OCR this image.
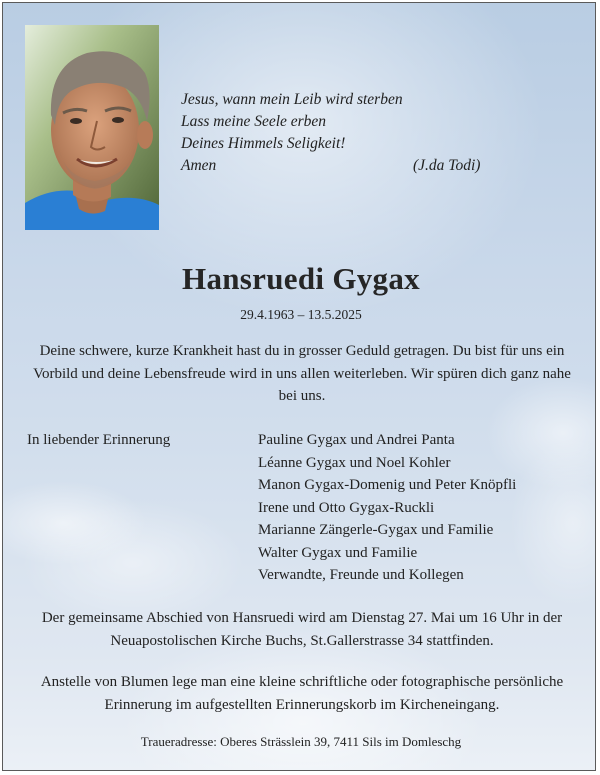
Jesus, wann mein Leib wird sterben
Lass meine Seele erben
Deines Himmels Seligkeit!
Amen	(J.da Todi)
Hansruedi Gygax
29.4.1963 – 13.5.2025
Deine schwere, kurze Krankheit hast du in grosser Geduld getragen. Du bist für uns ein Vorbild und deine Lebensfreude wird in uns allen weiterleben. Wir spüren dich ganz nahe bei uns.
In liebender Erinnerung	Pauline Gygax und Andrei Panta
Léanne Gygax und Noel Kohler
Manon Gygax-Domenig und Peter Knöpfli
Irene und Otto Gygax-Ruckli
Marianne Zängerle-Gygax und Familie
Walter Gygax und Familie
Verwandte, Freunde und Kollegen
Der gemeinsame Abschied von Hansruedi wird am Dienstag 27. Mai um 16 Uhr in der Neuapostolischen Kirche Buchs, St.Gallerstrasse 34 stattfinden.
Anstelle von Blumen lege man eine kleine schriftliche oder fotographische persönliche Erinnerung im aufgestellten Erinnerungskorb im Kircheneingang.
Traueradresse: Oberes Strässlein 39, 7411 Sils im Domleschg
